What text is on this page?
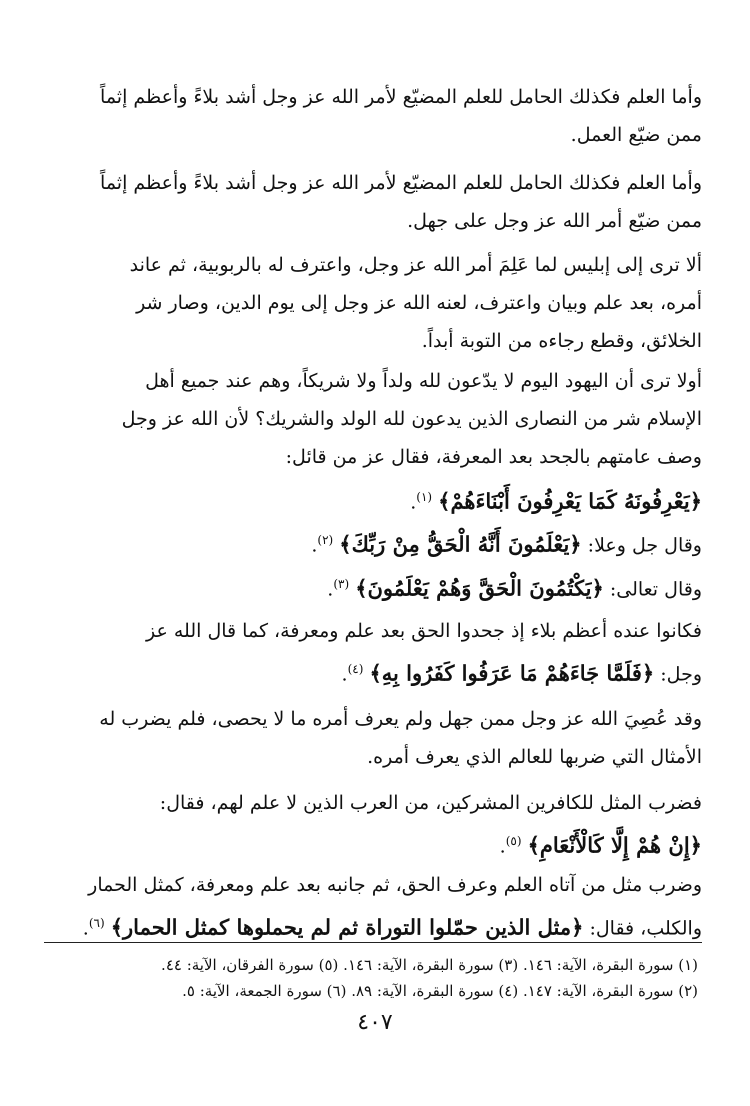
وأما العلم فكذلك الحامل للعلم المضيّع لأمر الله عز وجل أشد بلاءً وأعظم إثماً
ممن ضيّع العمل.

وأما العلم فكذلك الحامل للعلم المضيّع لأمر الله عز وجل أشد بلاءً وأعظم إثماً
ممن ضيّع أمر الله عز وجل على جهل.

ألا ترى إلى إبليس لما عَلِمَ أمر الله عز وجل، واعترف له بالربوبية، ثم عاند
أمره، بعد علم وبيان واعترف، لعنه الله عز وجل إلى يوم الدين، وصار شر
الخلائق، وقطع رجاءه من التوبة أبداً.

أولا ترى أن اليهود اليوم لا يدّعون لله ولداً ولا شريكاً، وهم عند جميع أهل
الإسلام شر من النصارى الذين يدعون لله الولد والشريك؟ لأن الله عز وجل
وصف عامتهم بالجحد بعد المعرفة، فقال عز من قائل:

﴿يَعْرِفُونَهُ كَمَا يَعْرِفُونَ أَبْنَاءَهُمْ﴾ $^{(١)}$.
وقال جل وعلا: ﴿يَعْلَمُونَ أَنَّهُ الْحَقُّ مِنْ رَبِّكَ﴾ $^{(٢)}$.
وقال تعالى: ﴿يَكْتُمُونَ الْحَقَّ وَهُمْ يَعْلَمُونَ﴾ $^{(٣)}$.
فكانوا عنده أعظم بلاء إذ جحدوا الحق بعد علم ومعرفة، كما قال الله عز
وجل: ﴿فَلَمَّا جَاءَهُمْ مَا عَرَفُوا كَفَرُوا بِهِ﴾ $^{(٤)}$.
وقد عُصِيَ الله عز وجل ممن جهل ولم يعرف أمره ما لا يحصى، فلم يضرب له
الأمثال التي ضربها للعالم الذي يعرف أمره.
فضرب المثل للكافرين المشركين، من العرب الذين لا علم لهم، فقال:
﴿إِنْ هُمْ إِلَّا كَالْأَنْعَامِ﴾ $^{(٥)}$.
وضرب مثل من آتاه العلم وعرف الحق، ثم جانبه بعد علم ومعرفة، كمثل الحمار
والكلب، فقال: ﴿مثل الذين حمّلوا التوراة ثم لم يحملوها كمثل الحمار﴾ $^{(٦)}$.
(١) سورة البقرة، الآية: ١٤٦. (٣) سورة البقرة، الآية: ١٤٦. (٥) سورة الفرقان، الآية: ٤٤.
(٢) سورة البقرة، الآية: ١٤٧. (٤) سورة البقرة، الآية: ٨٩. (٦) سورة الجمعة، الآية: ٥.
٤٠٧
